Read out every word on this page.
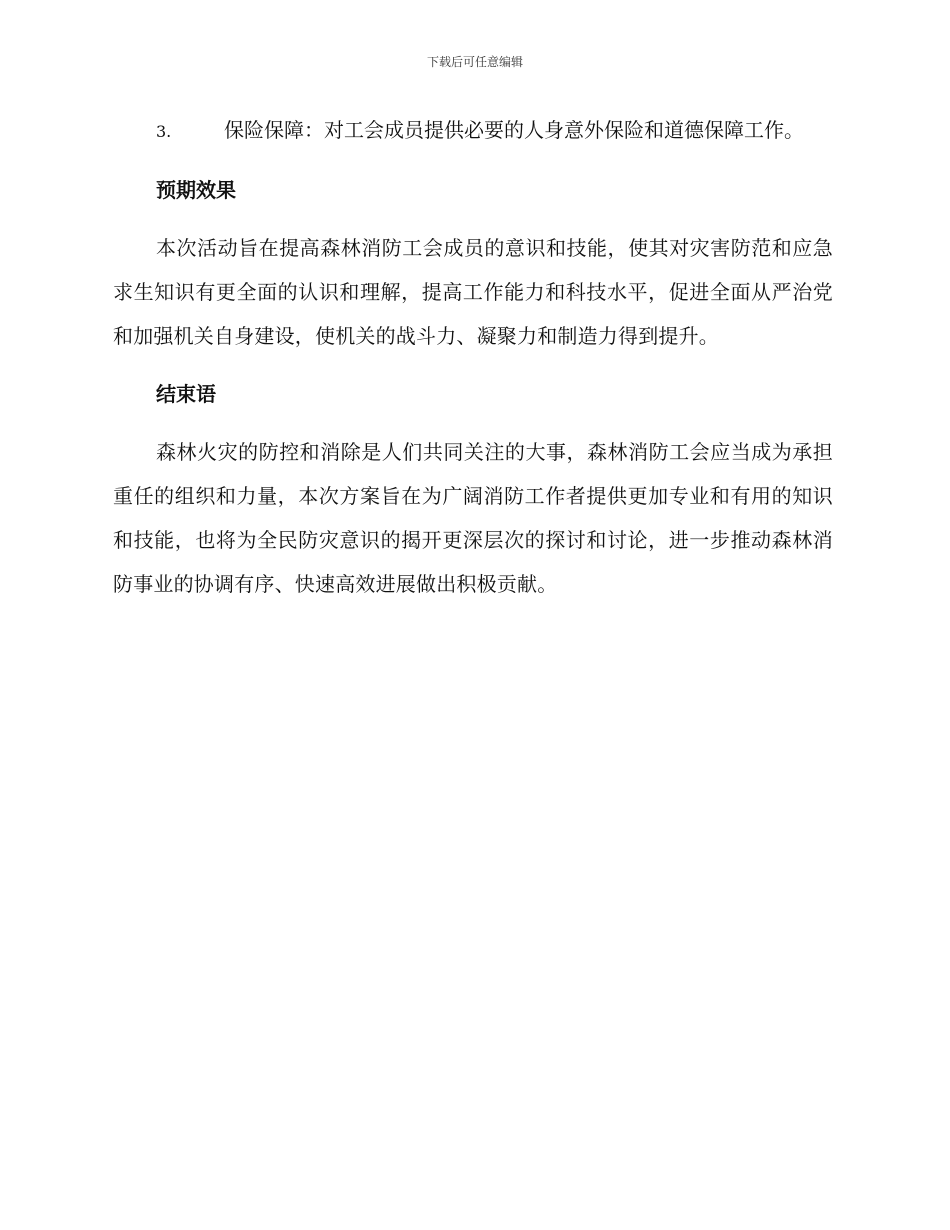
下载后可任意编辑

3.	保险保障：对工会成员提供必要的人身意外保险和道德保障工作。

预期效果

本次活动旨在提高森林消防工会成员的意识和技能，使其对灾害防范和应急求生知识有更全面的认识和理解，提高工作能力和科技水平，促进全面从严治党和加强机关自身建设，使机关的战斗力、凝聚力和制造力得到提升。

结束语

森林火灾的防控和消除是人们共同关注的大事，森林消防工会应当成为承担重任的组织和力量，本次方案旨在为广阔消防工作者提供更加专业和有用的知识和技能，也将为全民防灾意识的揭开更深层次的探讨和讨论，进一步推动森林消防事业的协调有序、快速高效进展做出积极贡献。
